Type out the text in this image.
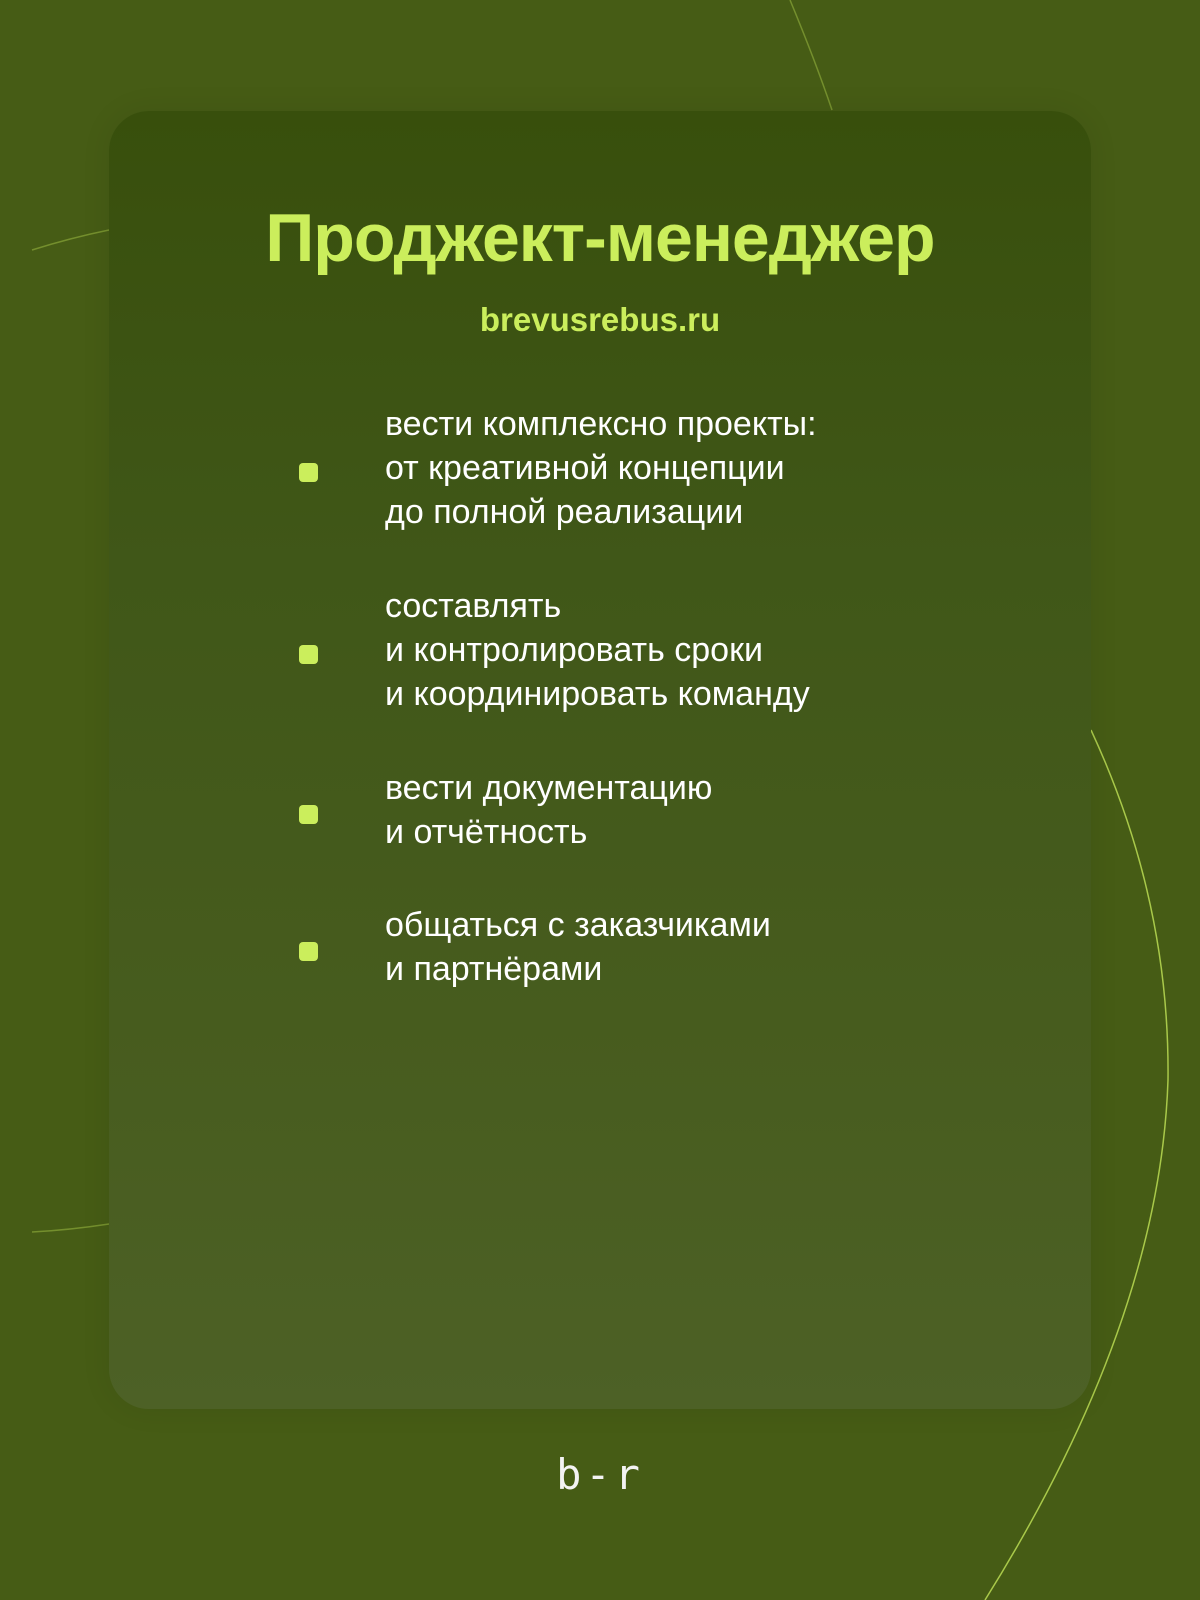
Проджект-менеджер
brevusrebus.ru
вести комплексно проекты:
от креативной концепции
до полной реализации
составлять
и контролировать сроки
и координировать команду
вести документацию
и отчётность
общаться с заказчиками
и партнёрами
b-r
